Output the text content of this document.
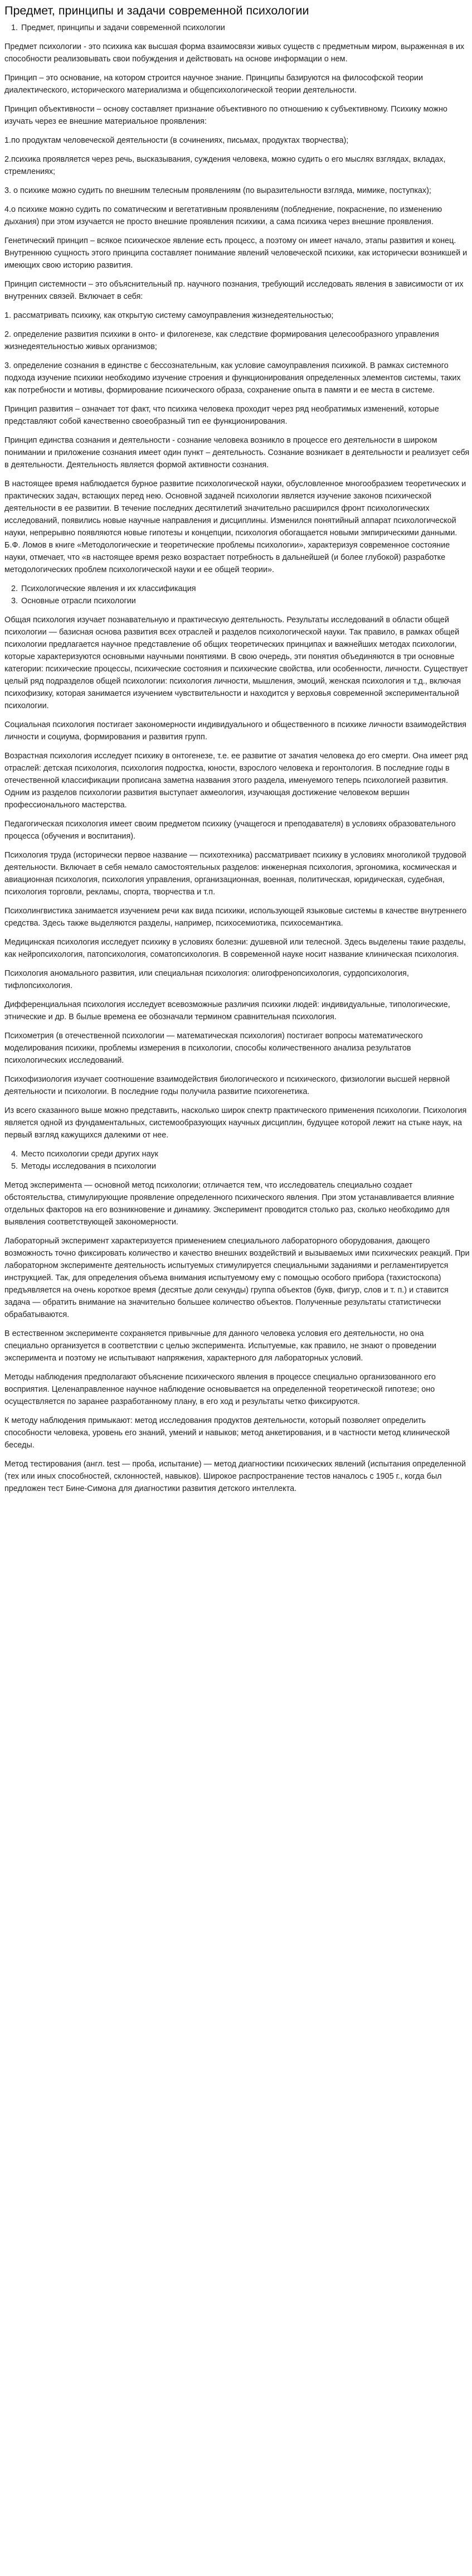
Предмет, принципы и задачи современной психологии
1. Предмет, принципы и задачи современной психологии

Предмет психологии - это психика как высшая форма взаимосвязи живых существ с предметным миром, выраженная в их способности реализовывать свои побуждения и действовать на основе информации о нем.

Принцип – это основание, на котором строится научное знание. Принципы базируются на философской теории диалектического, исторического материализма и общепсихологической теории деятельности.

Принцип объективности – основу составляет признание объективного по отношению к субъективному. Психику можно изучать через ее внешние материальное проявления:

1.по продуктам человеческой деятельности (в сочинениях, письмах, продуктах творчества);

2.психика проявляется через речь, высказывания, суждения человека, можно судить о его мыслях взглядах, вкладах, стремлениях;

3. о психике можно судить по внешним телесным проявлениям (по выразительности взгляда, мимике, поступках);

4.о психике можно судить по соматическим и вегетативным проявлениям (побледнение, покраснение, по изменению дыхания) при этом изучается не просто внешние проявления психики, а сама психика через внешние проявления.

Генетический принцип – всякое психическое явление есть процесс, а поэтому он имеет начало, этапы развития и конец. Внутреннюю сущность этого принципа составляет понимание явлений человеческой психики, как исторически возникшей и имеющих свою историю развития.

Принцип системности – это объяснительный пр. научного познания, требующий исследовать явления в зависимости от их внутренних связей. Включает в себя:

1. рассматривать психику, как открытую систему самоуправления жизнедеятельностью;

2. определение развития психики в онто- и филогенезе, как следствие формирования целесообразного управления жизнедеятельностью живых организмов;

3. определение сознания в единстве с бессознательным, как условие самоуправления психикой. В рамках системного подхода изучение психики необходимо изучение строения и функционирования определенных элементов системы, таких как потребности и мотивы, формирование психического образа, сохранение опыта в памяти и ее места в системе.

Принцип развития – означает тот факт, что психика человека проходит через ряд необратимых изменений, которые представляют собой качественно своеобразный тип ее функционирования.

Принцип единства сознания и деятельности - сознание человека возникло в процессе его деятельности в широком понимании и приложение сознания имеет один пункт – деятельность. Сознание возникает в деятельности и реализует себя в деятельности. Деятельность является формой активности сознания.

В настоящее время наблюдается бурное развитие психологической науки, обусловленное многообразием теоретических и практических задач, встающих перед нею. Основной задачей психологии является изучение законов психической деятельности в ее развитии. В течение последних десятилетий значительно расширился фронт психологических исследований, появились новые научные направления и дисциплины. Изменился понятийный аппарат психологической науки, непрерывно появляются новые гипотезы и концепции, психология обогащается новыми эмпирическими данными. Б.Ф. Ломов в книге «Методологические и теоретические проблемы психологии», характеризуя современное состояние науки, отмечает, что «в настоящее время резко возрастает потребность в дальнейшей (и более глубокой) разработке методологических проблем психологической науки и ее общей теории».

2. Психологические явления и их классификация
3. Основные отрасли психологии

Общая психология изучает познавательную и практическую деятельность. Результаты исследований в области общей психологии — базисная основа развития всех отраслей и разделов психологической науки. Так правило, в рамках общей психологии предлагается научное представление об общих теоретических принципах и важнейших методах психологии, которые характеризуются основными научными понятиями. В свою очередь, эти понятия объединяются в три основные категории: психические процессы, психические состояния и психические свойства, или особенности, личности. Существует целый ряд подразделов общей психологии: психология личности, мышления, эмоций, женская психология и т.д., включая психофизику, которая занимается изучением чувствительности и находится у верховья современной экспериментальной психологии.

Социальная психология постигает закономерности индивидуального и общественного в психике личности взаимодействия личности и социума, формирования и развития групп.

Возрастная психология исследует психику в онтогенезе, т.е. ее развитие от зачатия человека до его смерти. Она имеет ряд отраслей: детская психология, психология подростка, юности, взрослого человека и геронтология. В последние годы в отечественной классификации прописана заметна названия этого раздела, именуемого теперь психологией развития. Одним из разделов психологии развития выступает акмеология, изучающая достижение человеком вершин профессионального мастерства.

Педагогическая психология имеет своим предметом психику (учащегося и преподавателя) в условиях образовательного процесса (обучения и воспитания).

Психология труда (исторически первое название — психотехника) рассматривает психику в условиях многоликой трудовой деятельности. Включает в себя немало самостоятельных разделов: инженерная психология, эргономика, космическая и авиационная психология, психология управления, организационная, военная, политическая, юридическая, судебная, психология торговли, рекламы, спорта, творчества и т.п.

Психолингвистика занимается изучением речи как вида психики, использующей языковые системы в качестве внутреннего средства. Здесь также выделяются разделы, например, психосемиотика, психосемантика.

Медицинская психология исследует психику в условиях болезни: душевной или телесной. Здесь выделены такие разделы, как нейропсихология, патопсихология, соматопсихология. В современной науке носит название клиническая психология.

Психология аномального развития, или специальная психология: олигофренопсихология, сурдопсихология, тифлопсихология.

Дифференциальная психология исследует всевозможные различия психики людей: индивидуальные, типологические, этнические и др. В былые времена ее обозначали термином сравнительная психология.

Психометрия (в отечественной психологии — математическая психология) постигает вопросы математического моделирования психики, проблемы измерения в психологии, способы количественного анализа результатов психологических исследований.

Психофизиология изучает соотношение взаимодействия биологического и психического, физиологии высшей нервной деятельности и психологии. В последние годы получила развитие психогенетика.

Из всего сказанного выше можно представить, насколько широк спектр практического применения психологии. Психология является одной из фундаментальных, системообразующих научных дисциплин, будущее которой лежит на стыке наук, на первый взгляд кажущихся далекими от нее.

4. Место психологии среди других наук
5. Методы исследования в психологии

Метод эксперимента — основной метод психологии; отличается тем, что исследователь специально создает обстоятельства, стимулирующие проявление определенного психического явления. При этом устанавливается влияние отдельных факторов на его возникновение и динамику. Эксперимент проводится столько раз, сколько необходимо для выявления соответствующей закономерности.

Лабораторный эксперимент характеризуется применением специального лабораторного оборудования, дающего возможность точно фиксировать количество и качество внешних воздействий и вызываемых ими психических реакций. При лабораторном эксперименте деятельность испытуемых стимулируется специальными заданиями и регламентируется инструкцией. Так, для определения объема внимания испытуемому ему с помощью особого прибора (тахистоскопа) предъявляется на очень короткое время (десятые доли секунды) группа объектов (букв, фигур, слов и т. п.) и ставится задача — обратить внимание на значительно большее количество объектов. Полученные результаты статистически обрабатываются.

В естественном эксперименте сохраняется привычные для данного человека условия его деятельности, но она специально организуется в соответствии с целью эксперимента. Испытуемые, как правило, не знают о проведении эксперимента и поэтому не испытывают напряжения, характерного для лабораторных условий.

Методы наблюдения предполагают объяснение психического явления в процессе специально организованного его восприятия. Целенаправленное научное наблюдение основывается на определенной теоретической гипотезе; оно осуществляется по заранее разработанному плану, в его ход и результаты четко фиксируются.

К методу наблюдения примыкают: метод исследования продуктов деятельности, который позволяет определить способности человека, уровень его знаний, умений и навыков; метод анкетирования, и в частности метод клинической беседы.

Метод тестирования (англ. test — проба, испытание) — метод диагностики психических явлений (испытания определенной (тех или иных способностей, склонностей, навыков). Широкое распространение тестов началось с 1905 г., когда был предложен тест Бине-Симона для диагностики развития детского интеллекта.
